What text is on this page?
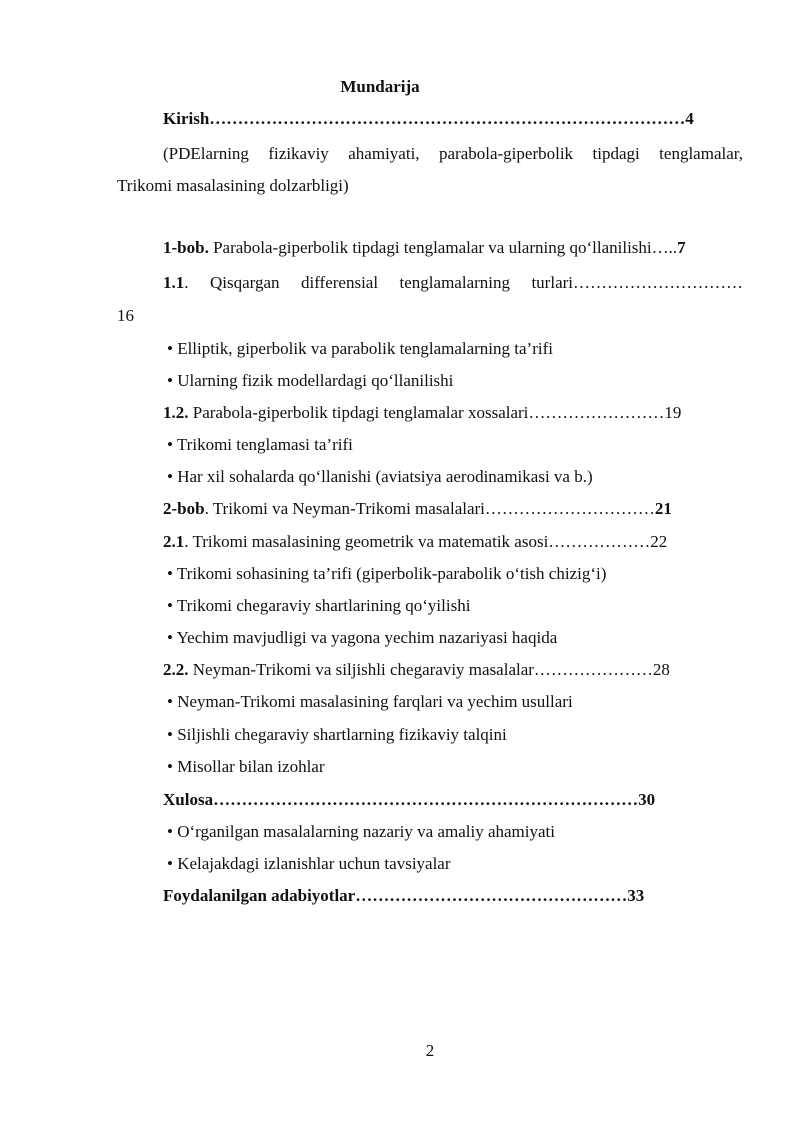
Mundarija
Kirish…………………………………………………………………………4
(PDElarning fizikaviy ahamiyati, parabola-giperbolik tipdagi tenglamalar,
Trikomi masalasining dolzarbligi)
1-bob. Parabola-giperbolik tipdagi tenglamalar va ularning qo‘llanilishi…..7
1.1. Qisqargan differensial tenglamalarning turlari…………………………
16
• Elliptik, giperbolik va parabolik tenglamalarning ta’rifi
• Ularning fizik modellardagi qo‘llanilishi
1.2. Parabola-giperbolik tipdagi tenglamalar xossalari……………………19
• Trikomi tenglamasi ta’rifi
• Har xil sohalarda qo‘llanishi (aviatsiya aerodinamikasi va b.)
2-bob. Trikomi va Neyman-Trikomi masalalari…………………………21
2.1. Trikomi masalasining geometrik va matematik asosi………………22
• Trikomi sohasining ta’rifi (giperbolik-parabolik o‘tish chizig‘i)
• Trikomi chegaraviy shartlarining qo‘yilishi
• Yechim mavjudligi va yagona yechim nazariyasi haqida
2.2. Neyman-Trikomi va siljishli chegaraviy masalalar…………………28
• Neyman-Trikomi masalasining farqlari va yechim usullari
• Siljishli chegaraviy shartlarning fizikaviy talqini
• Misollar bilan izohlar
Xulosa…………………………………………………………………30
• O‘rganilgan masalalarning nazariy va amaliy ahamiyati
• Kelajakdagi izlanishlar uchun tavsiyalar
Foydalanilgan adabiyotlar…………………………………………33
2
